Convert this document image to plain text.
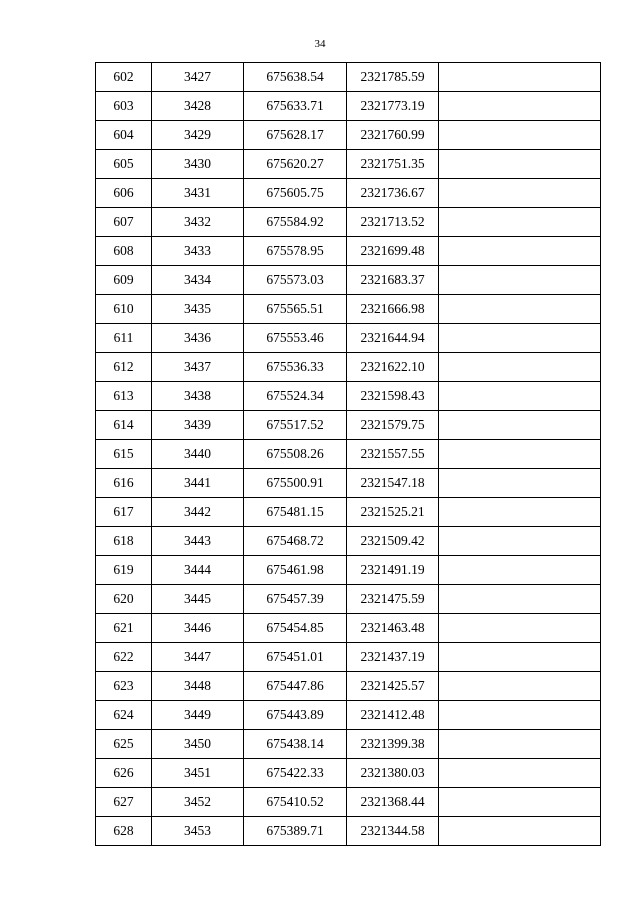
34
602	3427	675638.54	2321785.59	
603	3428	675633.71	2321773.19	
604	3429	675628.17	2321760.99	
605	3430	675620.27	2321751.35	
606	3431	675605.75	2321736.67	
607	3432	675584.92	2321713.52	
608	3433	675578.95	2321699.48	
609	3434	675573.03	2321683.37	
610	3435	675565.51	2321666.98	
611	3436	675553.46	2321644.94	
612	3437	675536.33	2321622.10	
613	3438	675524.34	2321598.43	
614	3439	675517.52	2321579.75	
615	3440	675508.26	2321557.55	
616	3441	675500.91	2321547.18	
617	3442	675481.15	2321525.21	
618	3443	675468.72	2321509.42	
619	3444	675461.98	2321491.19	
620	3445	675457.39	2321475.59	
621	3446	675454.85	2321463.48	
622	3447	675451.01	2321437.19	
623	3448	675447.86	2321425.57	
624	3449	675443.89	2321412.48	
625	3450	675438.14	2321399.38	
626	3451	675422.33	2321380.03	
627	3452	675410.52	2321368.44	
628	3453	675389.71	2321344.58	
